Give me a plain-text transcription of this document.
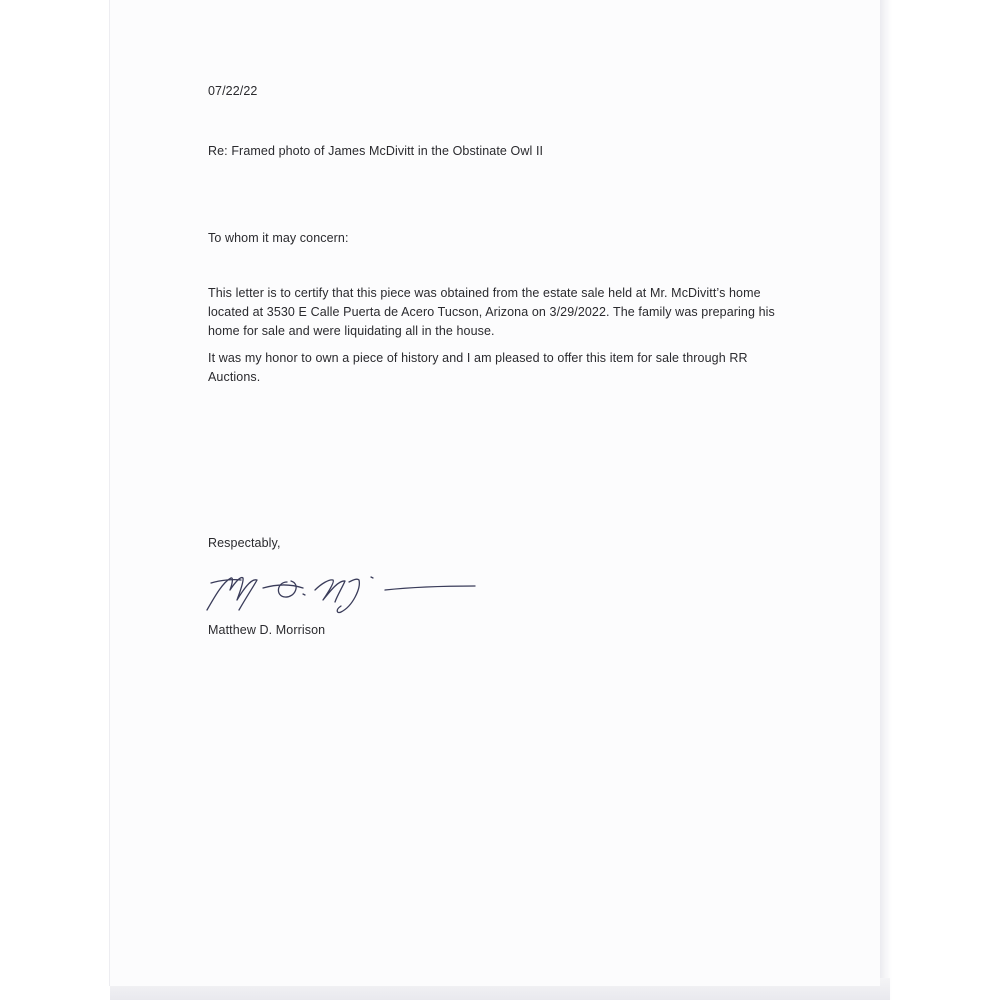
07/22/22
Re: Framed photo of James McDivitt in the Obstinate Owl II
To whom it may concern:
This letter is to certify that this piece was obtained from the estate sale held at Mr. McDivitt’s home
located at 3530 E Calle Puerta de Acero Tucson, Arizona on 3/29/2022. The family was preparing his
home for sale and were liquidating all in the house.
It was my honor to own a piece of history and I am pleased to offer this item for sale through RR
Auctions.
Respectably,
Matthew D. Morrison
